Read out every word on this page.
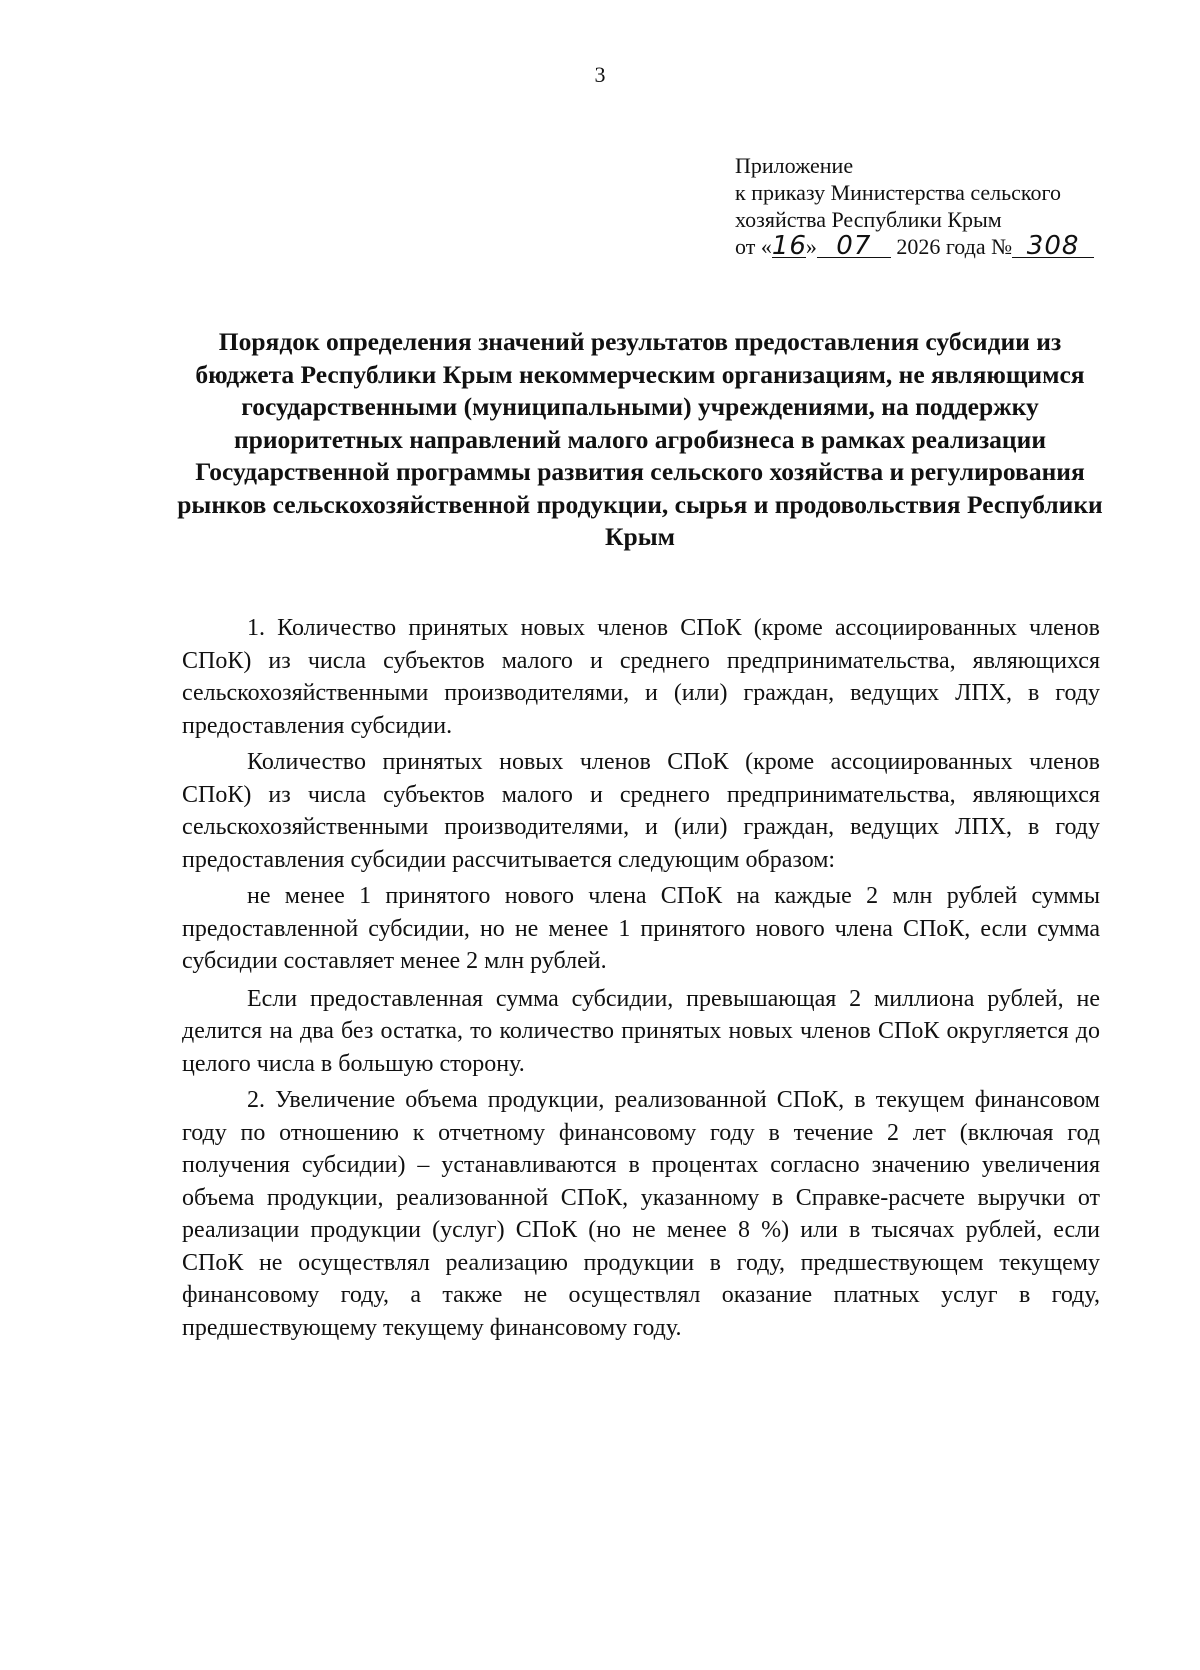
3
Приложение
к приказу Министерства сельского
хозяйства Республики Крым
от «16» 07 2026 года № 308
Порядок определения значений результатов предоставления субсидии из бюджета Республики Крым некоммерческим организациям, не являющимся государственными (муниципальными) учреждениями, на поддержку приоритетных направлений малого агробизнеса в рамках реализации Государственной программы развития сельского хозяйства и регулирования рынков сельскохозяйственной продукции, сырья и продовольствия Республики Крым

1. Количество принятых новых членов СПоК (кроме ассоциированных членов СПоК) из числа субъектов малого и среднего предпринимательства, являющихся сельскохозяйственными производителями, и (или) граждан, ведущих ЛПХ, в году предоставления субсидии.

Количество принятых новых членов СПоК (кроме ассоциированных членов СПоК) из числа субъектов малого и среднего предпринимательства, являющихся сельскохозяйственными производителями, и (или) граждан, ведущих ЛПХ, в году предоставления субсидии рассчитывается следующим образом:

не менее 1 принятого нового члена СПоК на каждые 2 млн рублей суммы предоставленной субсидии, но не менее 1 принятого нового члена СПоК, если сумма субсидии составляет менее 2 млн рублей.

Если предоставленная сумма субсидии, превышающая 2 миллиона рублей, не делится на два без остатка, то количество принятых новых членов СПоК округляется до целого числа в большую сторону.

2. Увеличение объема продукции, реализованной СПоК, в текущем финансовом году по отношению к отчетному финансовому году в течение 2 лет (включая год получения субсидии) – устанавливаются в процентах согласно значению увеличения объема продукции, реализованной СПоК, указанному в Справке-расчете выручки от реализации продукции (услуг) СПоК (но не менее 8 %) или в тысячах рублей, если СПоК не осуществлял реализацию продукции в году, предшествующем текущему финансовому году, а также не осуществлял оказание платных услуг в году, предшествующему текущему финансовому году.
